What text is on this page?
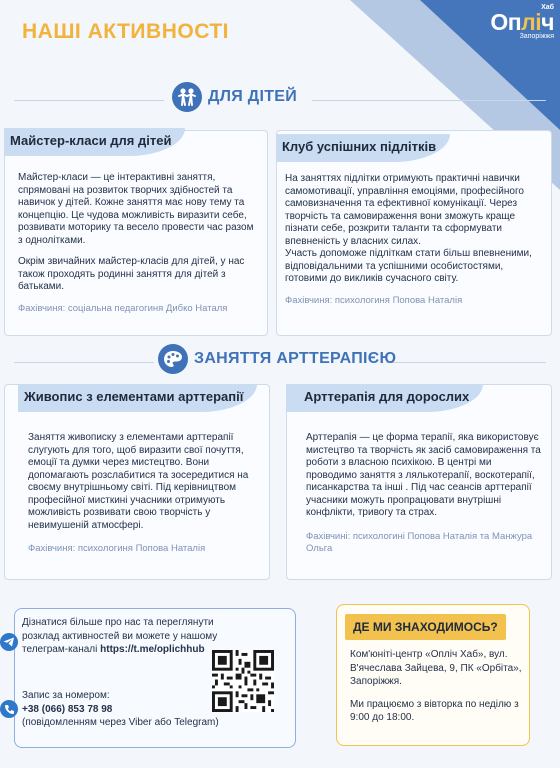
Хаб
Опліч
Запоріжжя
НАШІ АКТИВНОСТІ
ДЛЯ ДІТЕЙ
Майстер-класи для дітей

Майстер-класи — це інтерактивні заняття, спрямовані на розвиток творчих здібностей та навичок у дітей. Кожне заняття має нову тему та концепцію. Це чудова можливість виразити себе, розвивати моторику та весело провести час разом з однолітками.

Окрім звичайних майстер-класів для дітей, у нас також проходять родинні заняття для дітей з батьками.

Фахівчиня: соціальна педагогиня Дибко Наталя
Клуб успішних підлітків

На заняттях підлітки отримують практичні навички самомотивації, управління емоціями, професійного самовизначення та ефективної комунікації. Через творчість та самовираження вони зможуть краще пізнати себе, розкрити таланти та сформувати впевненість у власних силах.

Участь допоможе підліткам стати більш впевненими, відповідальними та успішними особистостями, готовими до викликів сучасного світу.

Фахівчиня: психологиня Попова Наталія
ЗАНЯТТЯ АРТТЕРАПІЄЮ
Живопис з елементами арттерапії

Заняття живописку з елементами арттерапії слугують для того, щоб виразити свої почуття, емоції та думки через мистецтво. Вони допомагають розслабитися та зосередитися на своєму внутрішньому світі. Під керівництвом професійної мисткині учасники отримують можливість розвивати свою творчість у невимушеній атмосфері.

Фахівчиня: психологиня Попова Наталія
Арттерапія для дорослих

Арттерапія — це форма терапії, яка використовує мистецтво та творчість як засіб самовираження та роботи з власною психікою. В центрі ми проводимо заняття з лялькотерапії, воскотерапії, писанкарства та інші . Під час сеансів арттерапії учасники можуть пропрацювати внутрішні конфлікти, тривогу та страх.

Фахівчині: психологині Попова Наталія та Манжура Ольга
Дізнатися більше про нас та переглянути розклад активностей ви можете у нашому телеграм-каналі https://t.me/oplichhub
Запис за номером:
+38 (066) 853 78 98
(повідомленням через Viber або Telegram)
ДЕ МИ ЗНАХОДИМОСЬ?

Ком'юніті-центр «Опліч Хаб», вул. В'ячеслава Зайцева, 9, ПК «Орбіта», Запоріжжя.

Ми працюємо з вівторка по неділю з 9:00 до 18:00.
